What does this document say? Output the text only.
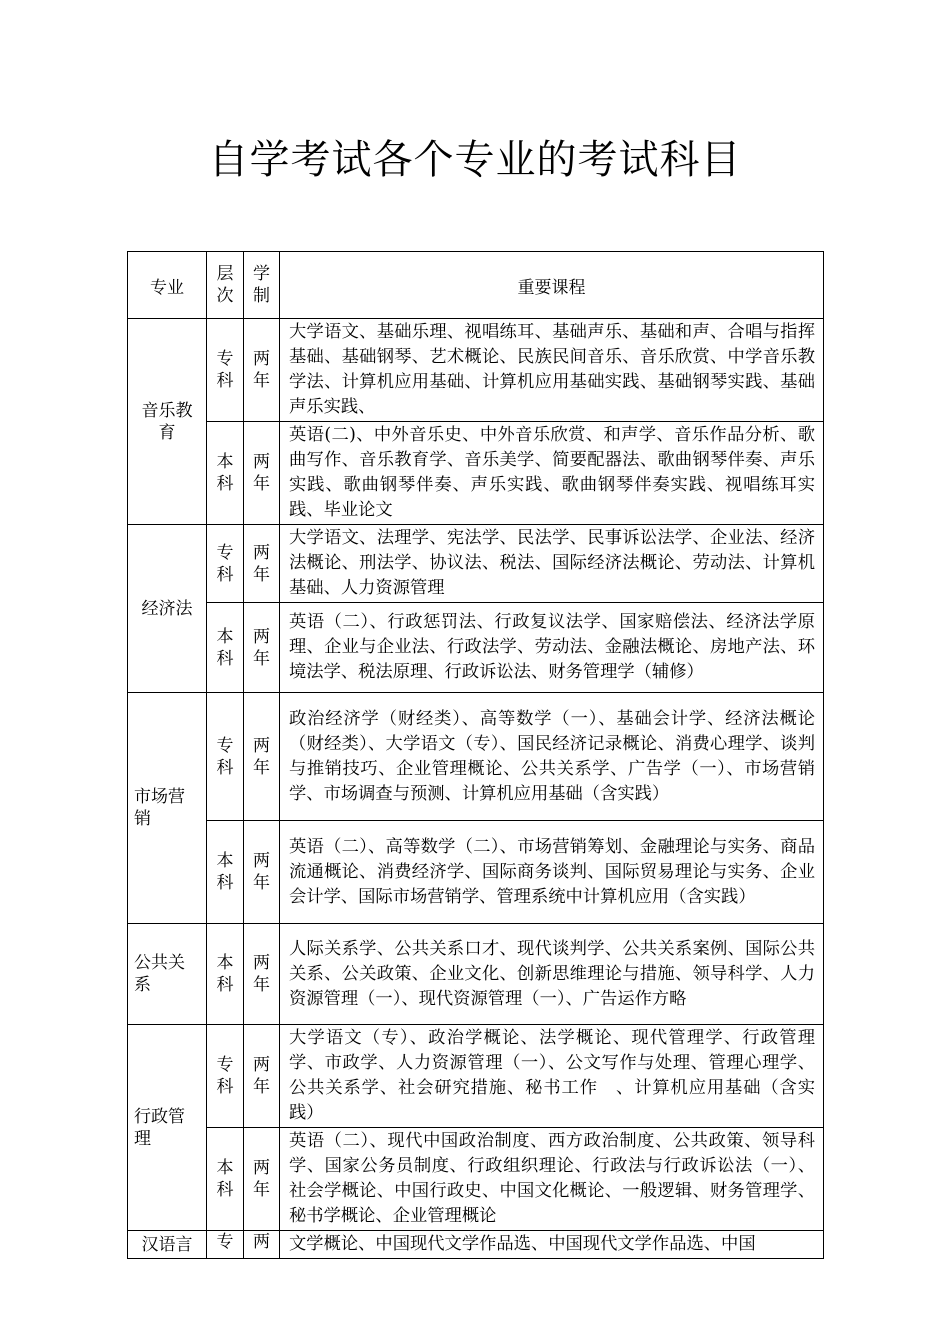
自学考试各个专业的考试科目
专业	层次	学制	重要课程
音乐教育	专科	两年	大学语文、基础乐理、视唱练耳、基础声乐、基础和声、合唱与指挥基础、基础钢琴、艺术概论、民族民间音乐、音乐欣赏、中学音乐教学法、计算机应用基础、计算机应用基础实践、基础钢琴实践、基础声乐实践、
	本科	两年	英语(二)、中外音乐史、中外音乐欣赏、和声学、音乐作品分析、歌曲写作、音乐教育学、音乐美学、简要配器法、歌曲钢琴伴奏、声乐实践、歌曲钢琴伴奏、声乐实践、歌曲钢琴伴奏实践、视唱练耳实践、毕业论文
经济法	专科	两年	大学语文、法理学、宪法学、民法学、民事诉讼法学、企业法、经济法概论、刑法学、协议法、税法、国际经济法概论、劳动法、计算机基础、人力资源管理
	本科	两年	英语（二）、行政惩罚法、行政复议法学、国家赔偿法、经济法学原理、企业与企业法、行政法学、劳动法、金融法概论、房地产法、环境法学、税法原理、行政诉讼法、财务管理学（辅修）
市场营销	专科	两年	政治经济学（财经类）、高等数学（一）、基础会计学、经济法概论（财经类）、大学语文（专）、国民经济记录概论、消费心理学、谈判与推销技巧、企业管理概论、公共关系学、广告学（一）、市场营销学、市场调查与预测、计算机应用基础（含实践）
	本科	两年	英语（二）、高等数学（二）、市场营销筹划、金融理论与实务、商品流通概论、消费经济学、国际商务谈判、国际贸易理论与实务、企业会计学、国际市场营销学、管理系统中计算机应用（含实践）
公共关系	本科	两年	人际关系学、公共关系口才、现代谈判学、公共关系案例、国际公共关系、公关政策、企业文化、创新思维理论与措施、领导科学、人力资源管理（一）、现代资源管理（一）、广告运作方略
行政管理	专科	两年	大学语文（专）、政治学概论、法学概论、现代管理学、行政管理学、市政学、人力资源管理（一）、公文写作与处理、管理心理学、公共关系学、社会研究措施、秘书工作　、计算机应用基础（含实践）
	本科	两年	英语（二）、现代中国政治制度、西方政治制度、公共政策、领导科学、国家公务员制度、行政组织理论、行政法与行政诉讼法（一）、社会学概论、中国行政史、中国文化概论、一般逻辑、财务管理学、秘书学概论、企业管理概论
汉语言	专	两	文学概论、中国现代文学作品选、中国现代文学作品选、中国
